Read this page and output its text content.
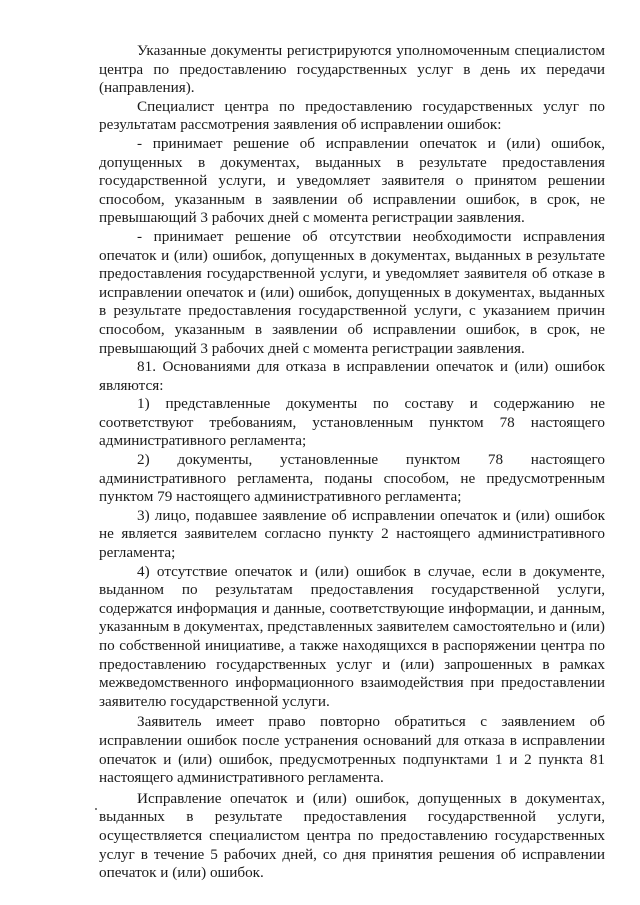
Указанные документы регистрируются уполномоченным специалистом центра по предоставлению государственных услуг в день их передачи (направления).

Специалист центра по предоставлению государственных услуг по результатам рассмотрения заявления об исправлении ошибок:

- принимает решение об исправлении опечаток и (или) ошибок, допущенных в документах, выданных в результате предоставления государственной услуги, и уведомляет заявителя о принятом решении способом, указанным в заявлении об исправлении ошибок, в срок, не превышающий 3 рабочих дней с момента регистрации заявления.

- принимает решение об отсутствии необходимости исправления опечаток и (или) ошибок, допущенных в документах, выданных в результате предоставления государственной услуги, и уведомляет заявителя об отказе в исправлении опечаток и (или) ошибок, допущенных в документах, выданных в результате предоставления государственной услуги, с указанием причин способом, указанным в заявлении об исправлении ошибок, в срок, не превышающий 3 рабочих дней с момента регистрации заявления.

81. Основаниями для отказа в исправлении опечаток и (или) ошибок являются:

1) представленные документы по составу и содержанию не соответствуют требованиям, установленным пунктом 78 настоящего административного регламента;

2) документы, установленные пунктом 78 настоящего административного регламента, поданы способом, не предусмотренным пунктом 79 настоящего административного регламента;

3) лицо, подавшее заявление об исправлении опечаток и (или) ошибок не является заявителем согласно пункту 2 настоящего административного регламента;

4) отсутствие опечаток и (или) ошибок в случае, если в документе, выданном по результатам предоставления государственной услуги, содержатся информация и данные, соответствующие информации, и данным, указанным в документах, представленных заявителем самостоятельно и (или) по собственной инициативе, а также находящихся в распоряжении центра по предоставлению государственных услуг и (или) запрошенных в рамках межведомственного информационного взаимодействия при предоставлении заявителю государственной услуги.

Заявитель имеет право повторно обратиться с заявлением об исправлении ошибок после устранения оснований для отказа в исправлении опечаток и (или) ошибок, предусмотренных подпунктами 1 и 2 пункта 81 настоящего административного регламента.

Исправление опечаток и (или) ошибок, допущенных в документах, выданных в результате предоставления государственной услуги, осуществляется специалистом центра по предоставлению государственных услуг в течение 5 рабочих дней, со дня принятия решения об исправлении опечаток и (или) ошибок.
